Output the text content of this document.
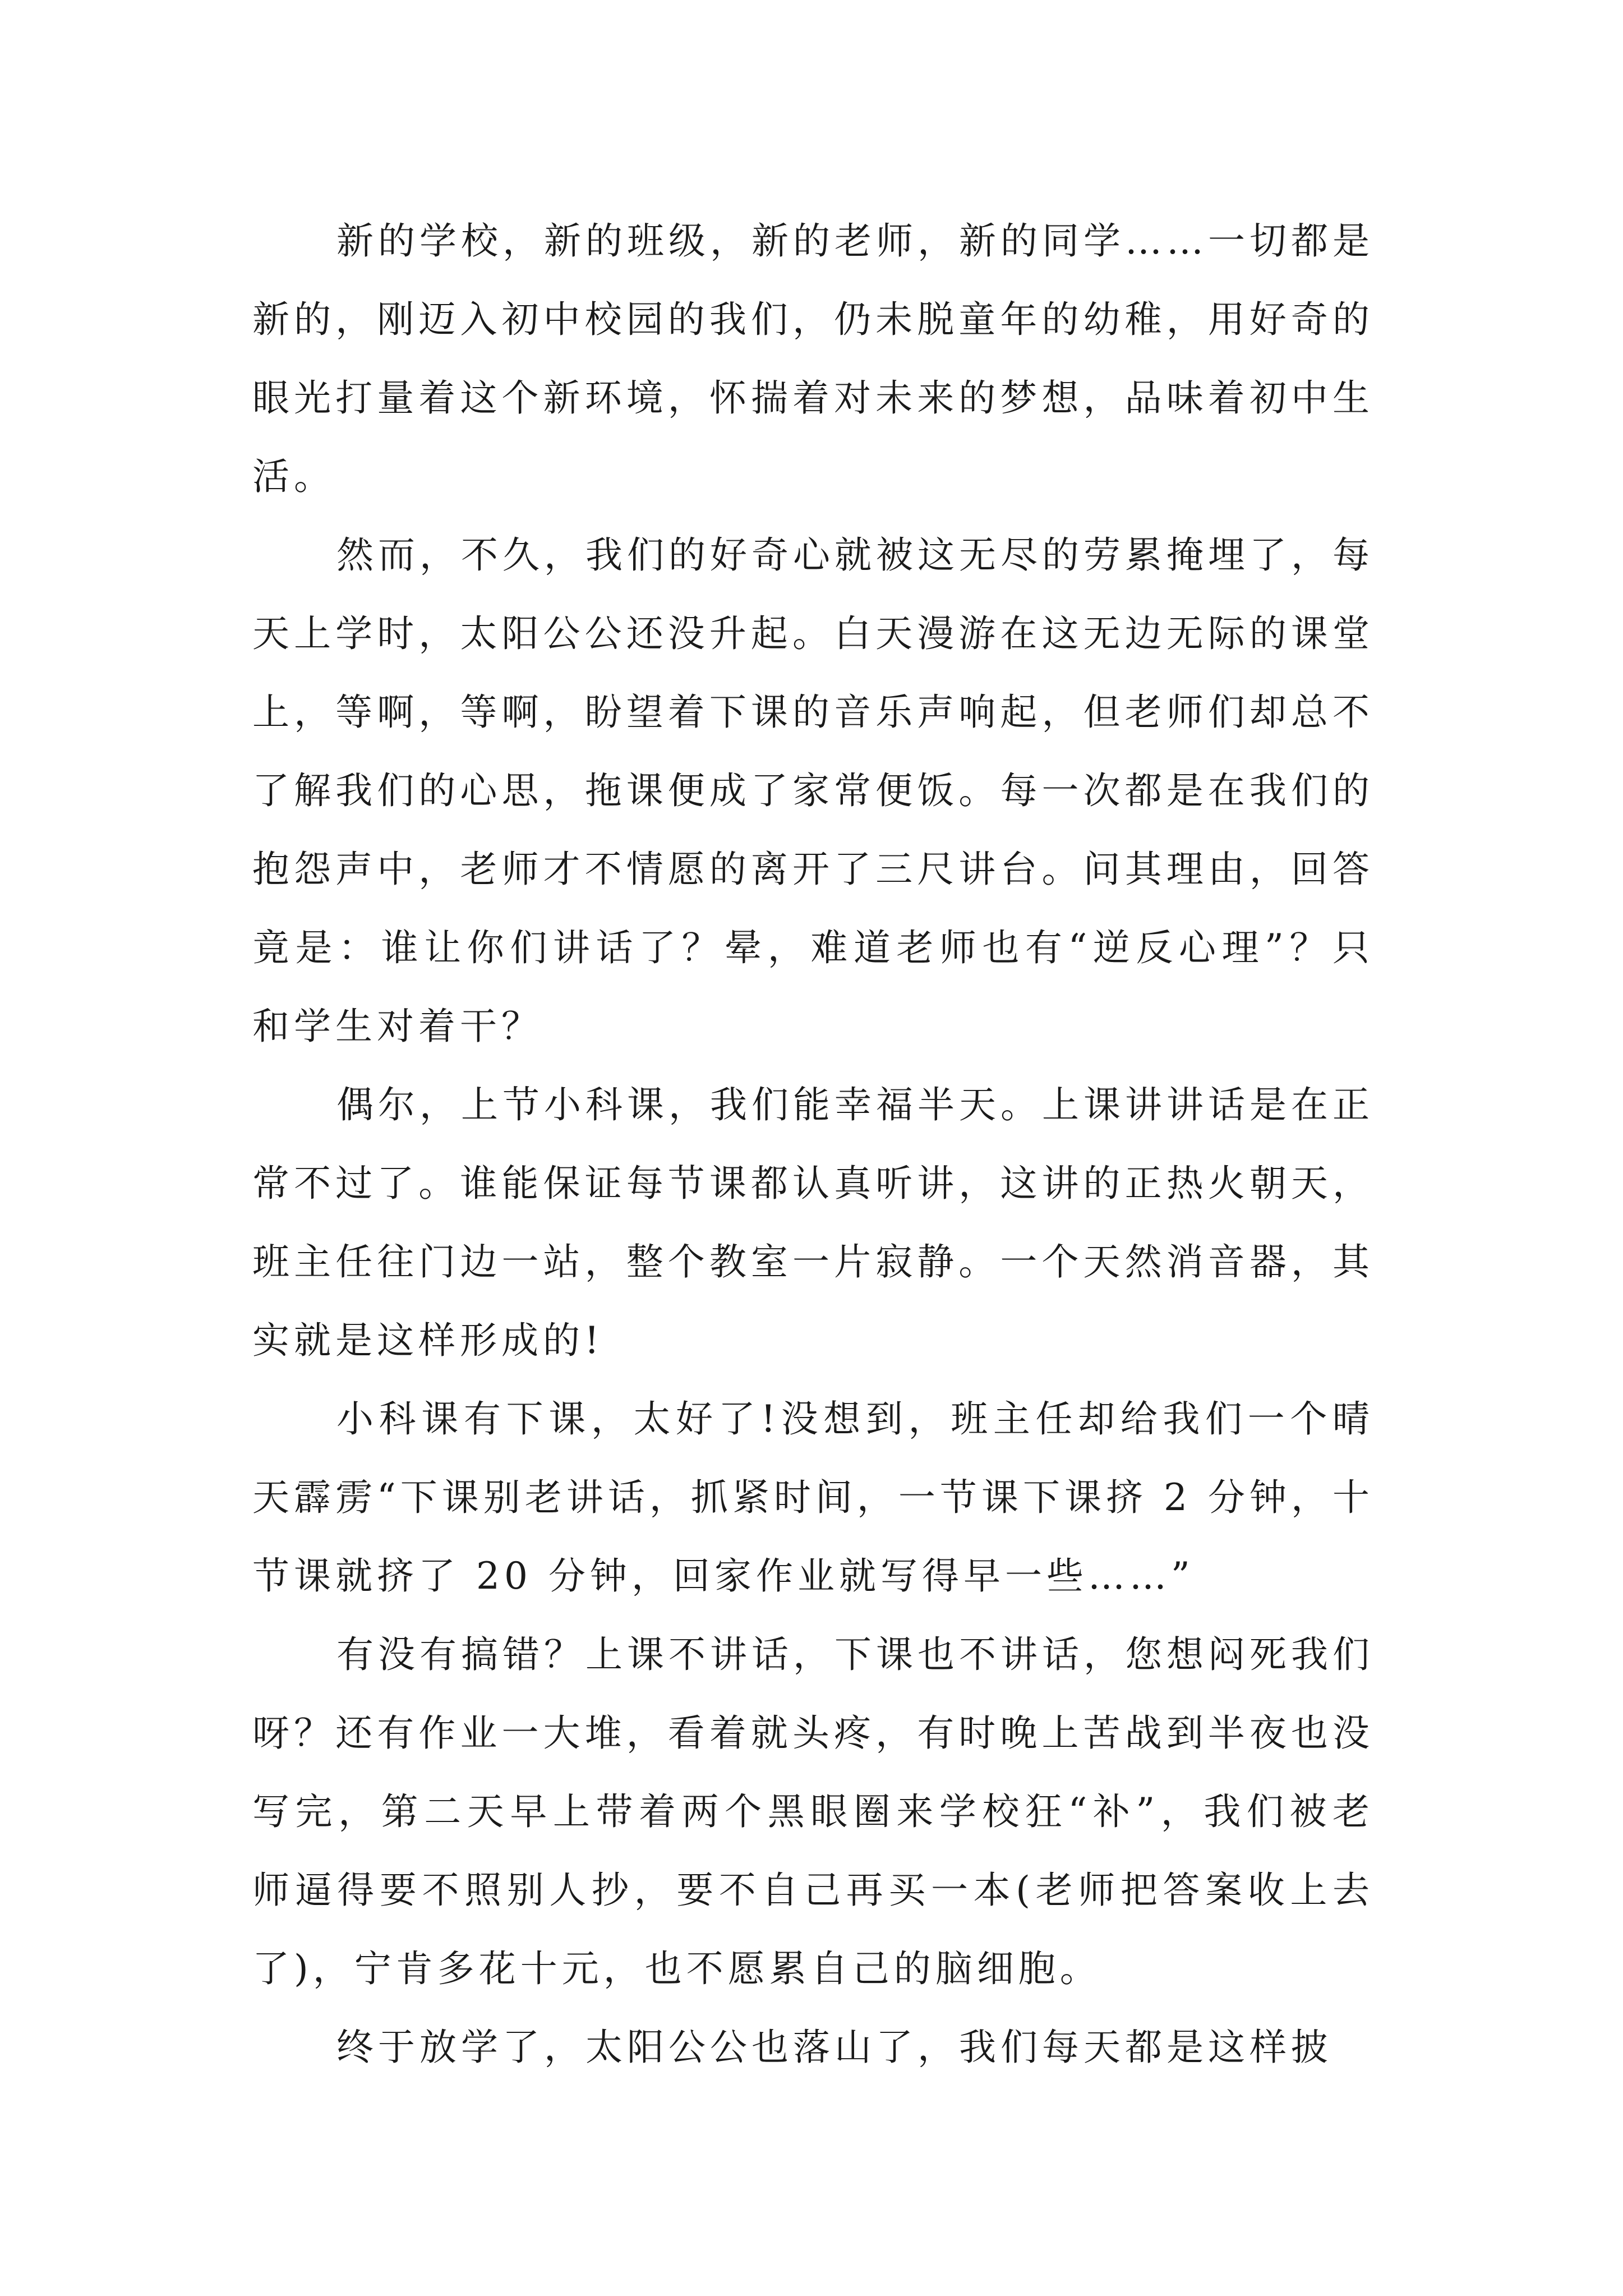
新的学校，新的班级，新的老师，新的同学……一切都是新的，刚迈入初中校园的我们，仍未脱童年的幼稚，用好奇的眼光打量着这个新环境，怀揣着对未来的梦想，品味着初中生活。

然而，不久，我们的好奇心就被这无尽的劳累掩埋了，每天上学时，太阳公公还没升起。白天漫游在这无边无际的课堂上，等啊，等啊，盼望着下课的音乐声响起，但老师们却总不了解我们的心思，拖课便成了家常便饭。每一次都是在我们的抱怨声中，老师才不情愿的离开了三尺讲台。问其理由，回答竟是：谁让你们讲话了？晕，难道老师也有“逆反心理”？只和学生对着干？

偶尔，上节小科课，我们能幸福半天。上课讲讲话是在正常不过了。谁能保证每节课都认真听讲，这讲的正热火朝天，班主任往门边一站，整个教室一片寂静。一个天然消音器，其实就是这样形成的!

小科课有下课，太好了!没想到，班主任却给我们一个晴天霹雳“下课别老讲话，抓紧时间，一节课下课挤 2 分钟，十节课就挤了 20 分钟，回家作业就写得早一些……”

有没有搞错？上课不讲话，下课也不讲话，您想闷死我们呀？还有作业一大堆，看着就头疼，有时晚上苦战到半夜也没写完，第二天早上带着两个黑眼圈来学校狂“补”，我们被老师逼得要不照别人抄，要不自己再买一本(老师把答案收上去了)，宁肯多花十元，也不愿累自己的脑细胞。

终于放学了，太阳公公也落山了，我们每天都是这样披
